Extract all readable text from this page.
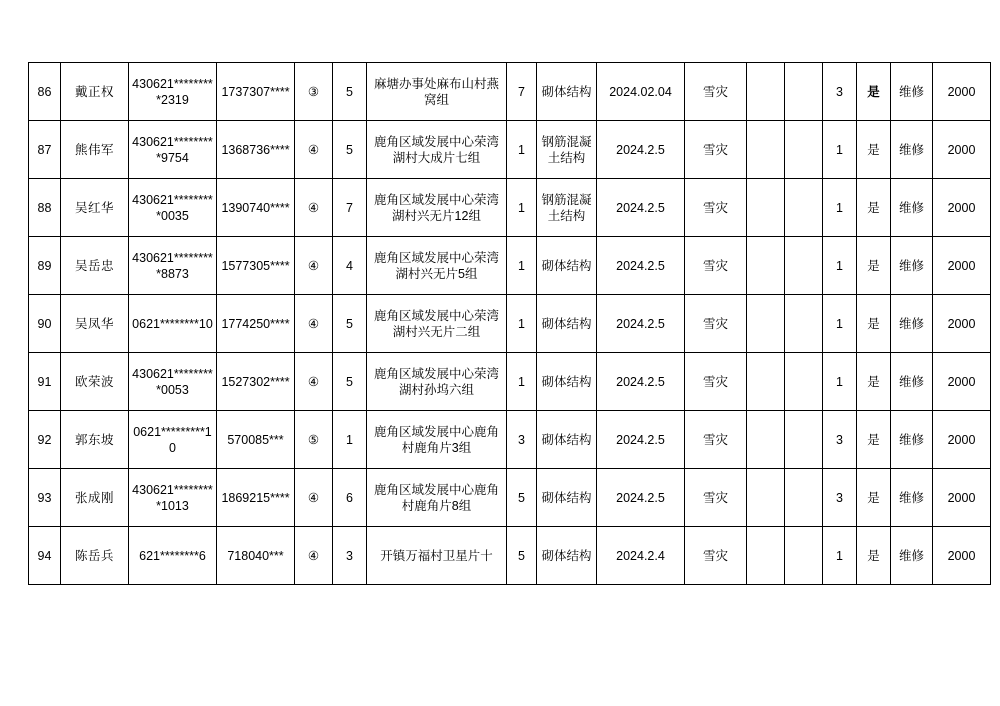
86	戴正权	430621*********2319	1737307****	③	5	麻塘办事处麻布山村燕窝组	7	砌体结构	2024.02.04	雪灾			3	是	维修	2000
87	熊伟军	430621*********9754	1368736****	④	5	鹿角区域发展中心荣湾湖村大成片七组	1	钢筋混凝土结构	2024.2.5	雪灾			1	是	维修	2000
88	吴红华	430621*********0035	1390740****	④	7	鹿角区域发展中心荣湾湖村兴无片12组	1	钢筋混凝土结构	2024.2.5	雪灾			1	是	维修	2000
89	吴岳忠	430621*********8873	1577305****	④	4	鹿角区域发展中心荣湾湖村兴无片5组	1	砌体结构	2024.2.5	雪灾			1	是	维修	2000
90	吴凤华	0621********10	1774250****	④	5	鹿角区域发展中心荣湾湖村兴无片二组	1	砌体结构	2024.2.5	雪灾			1	是	维修	2000
91	欧荣波	430621*********0053	1527302****	④	5	鹿角区域发展中心荣湾湖村孙坞六组	1	砌体结构	2024.2.5	雪灾			1	是	维修	2000
92	郭东坡	0621*********10	570085***	⑤	1	鹿角区域发展中心鹿角村鹿角片3组	3	砌体结构	2024.2.5	雪灾			3	是	维修	2000
93	张成刚	430621*********1013	1869215****	④	6	鹿角区域发展中心鹿角村鹿角片8组	5	砌体结构	2024.2.5	雪灾			3	是	维修	2000
94	陈岳兵	621********6	718040***	④	3	开镇万福村卫星片十	5	砌体结构	2024.2.4	雪灾			1	是	维修	2000
